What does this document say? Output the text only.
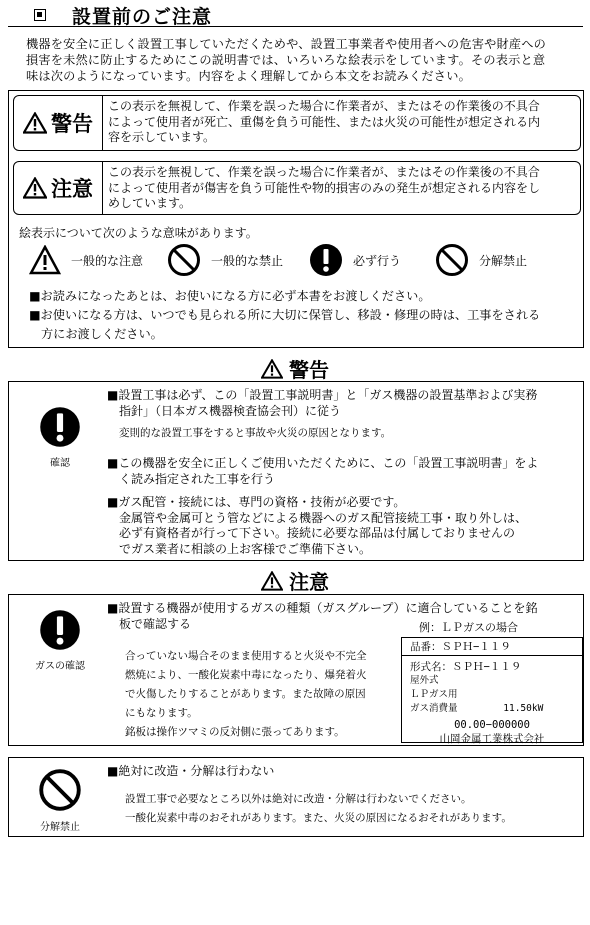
設置前のご注意
機器を安全に正しく設置工事していただくためや、設置工事業者や使用者への危害や財産への
損害を未然に防止するためにこの説明書では、いろいろな絵表示をしています。その表示と意
味は次のようになっています。内容をよく理解してから本文をお読みください。
警告
この表示を無視して、作業を誤った場合に作業者が、またはその作業後の不具合
によって使用者が死亡、重傷を負う可能性、または火災の可能性が想定される内
容を示しています。
注意
この表示を無視して、作業を誤った場合に作業者が、またはその作業後の不具合
によって使用者が傷害を負う可能性や物的損害のみの発生が想定される内容をし
めしています。
絵表示について次のような意味があります。
一般的な注意	一般的な禁止	必ず行う	分解禁止
■お読みになったあとは、お使いになる方に必ず本書をお渡しください。
■お使いになる方は、いつでも見られる所に大切に保管し、移設・修理の時は、工事をされる
方にお渡しください。
警告
確認
■設置工事は必ず、この「設置工事説明書」と「ガス機器の設置基準および実務
指針」（日本ガス機器検査協会刊）に従う
変則的な設置工事をすると事故や火災の原因となります。
■この機器を安全に正しくご使用いただくために、この「設置工事説明書」をよ
く読み指定された工事を行う
■ガス配管・接続には、専門の資格・技術が必要です。
金属管や金属可とう管などによる機器へのガス配管接続工事・取り外しは、
必ず有資格者が行って下さい。接続に必要な部品は付属しておりませんの
でガス業者に相談の上お客様でご準備下さい。
注意
ガスの確認
■設置する機器が使用するガスの種類（ガスグループ）に適合していることを銘
板で確認する
合っていない場合そのまま使用すると火災や不完全
燃焼により、一酸化炭素中毒になったり、爆発着火
で火傷したりすることがあります。また故障の原因
にもなります。
銘板は操作ツマミの反対側に張ってあります。
例：ＬＰガスの場合
品番：ＳＰＨ−１１９
形式名：ＳＰＨ−１１９
屋外式
ＬＰガス用
ガス消費量	11.50kW
00.00−000000
山岡金属工業株式会社
分解禁止
■絶対に改造・分解は行わない
設置工事で必要なところ以外は絶対に改造・分解は行わないでください。
一酸化炭素中毒のおそれがあります。また、火災の原因になるおそれがあります。
